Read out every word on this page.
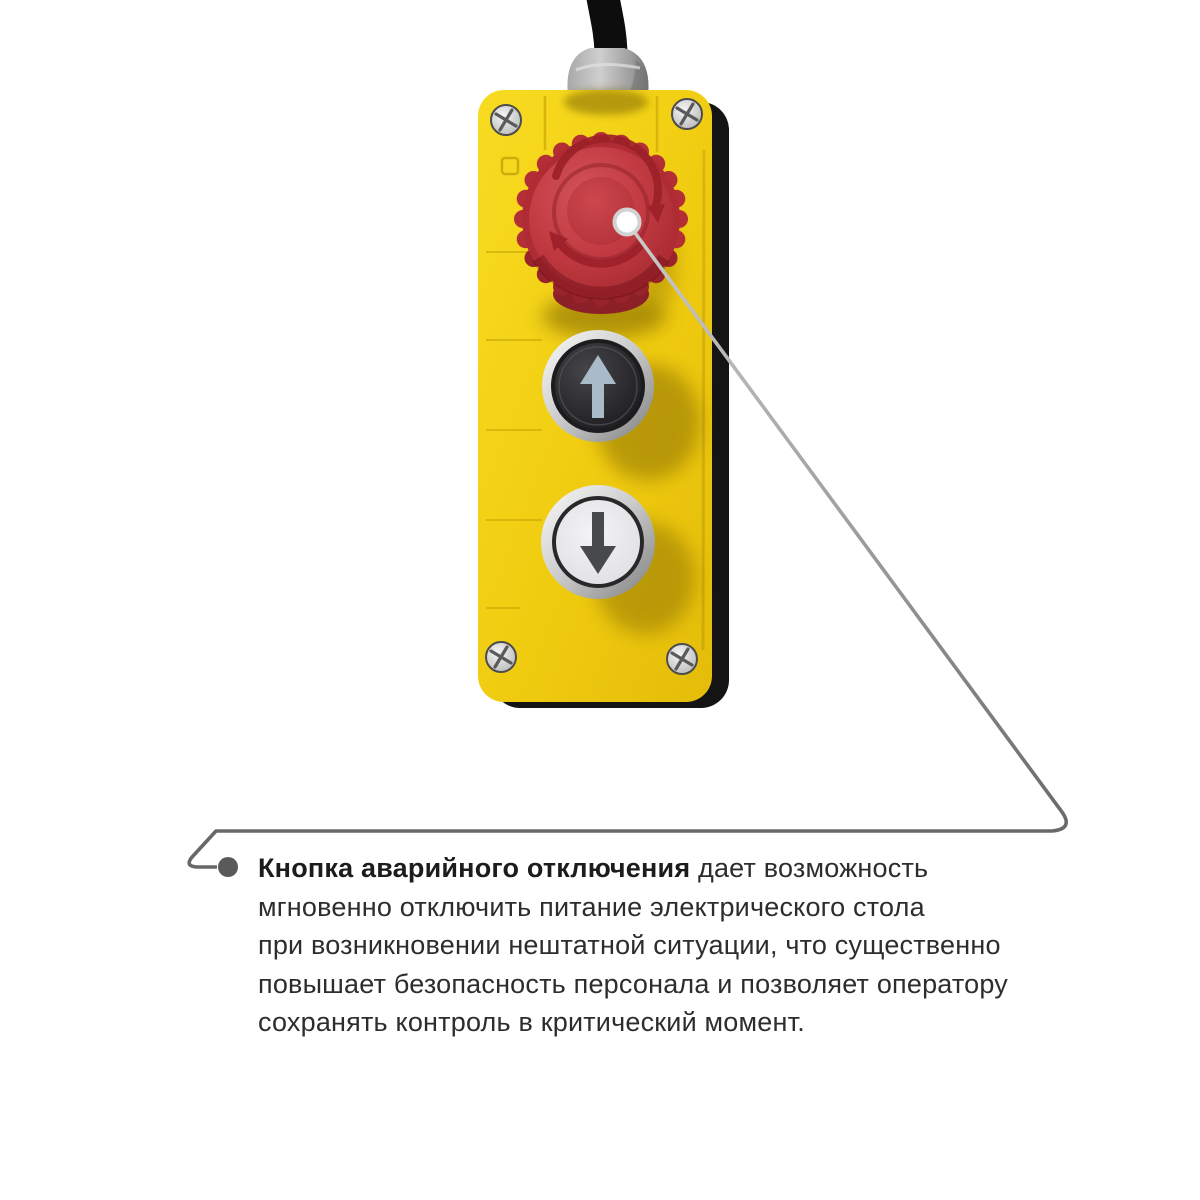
Кнопка аварийного отключения дает возможность

мгновенно отключить питание электрического стола

при возникновении нештатной ситуации, что существенно

повышает безопасность персонала и позволяет оператору

сохранять контроль в критический момент.
